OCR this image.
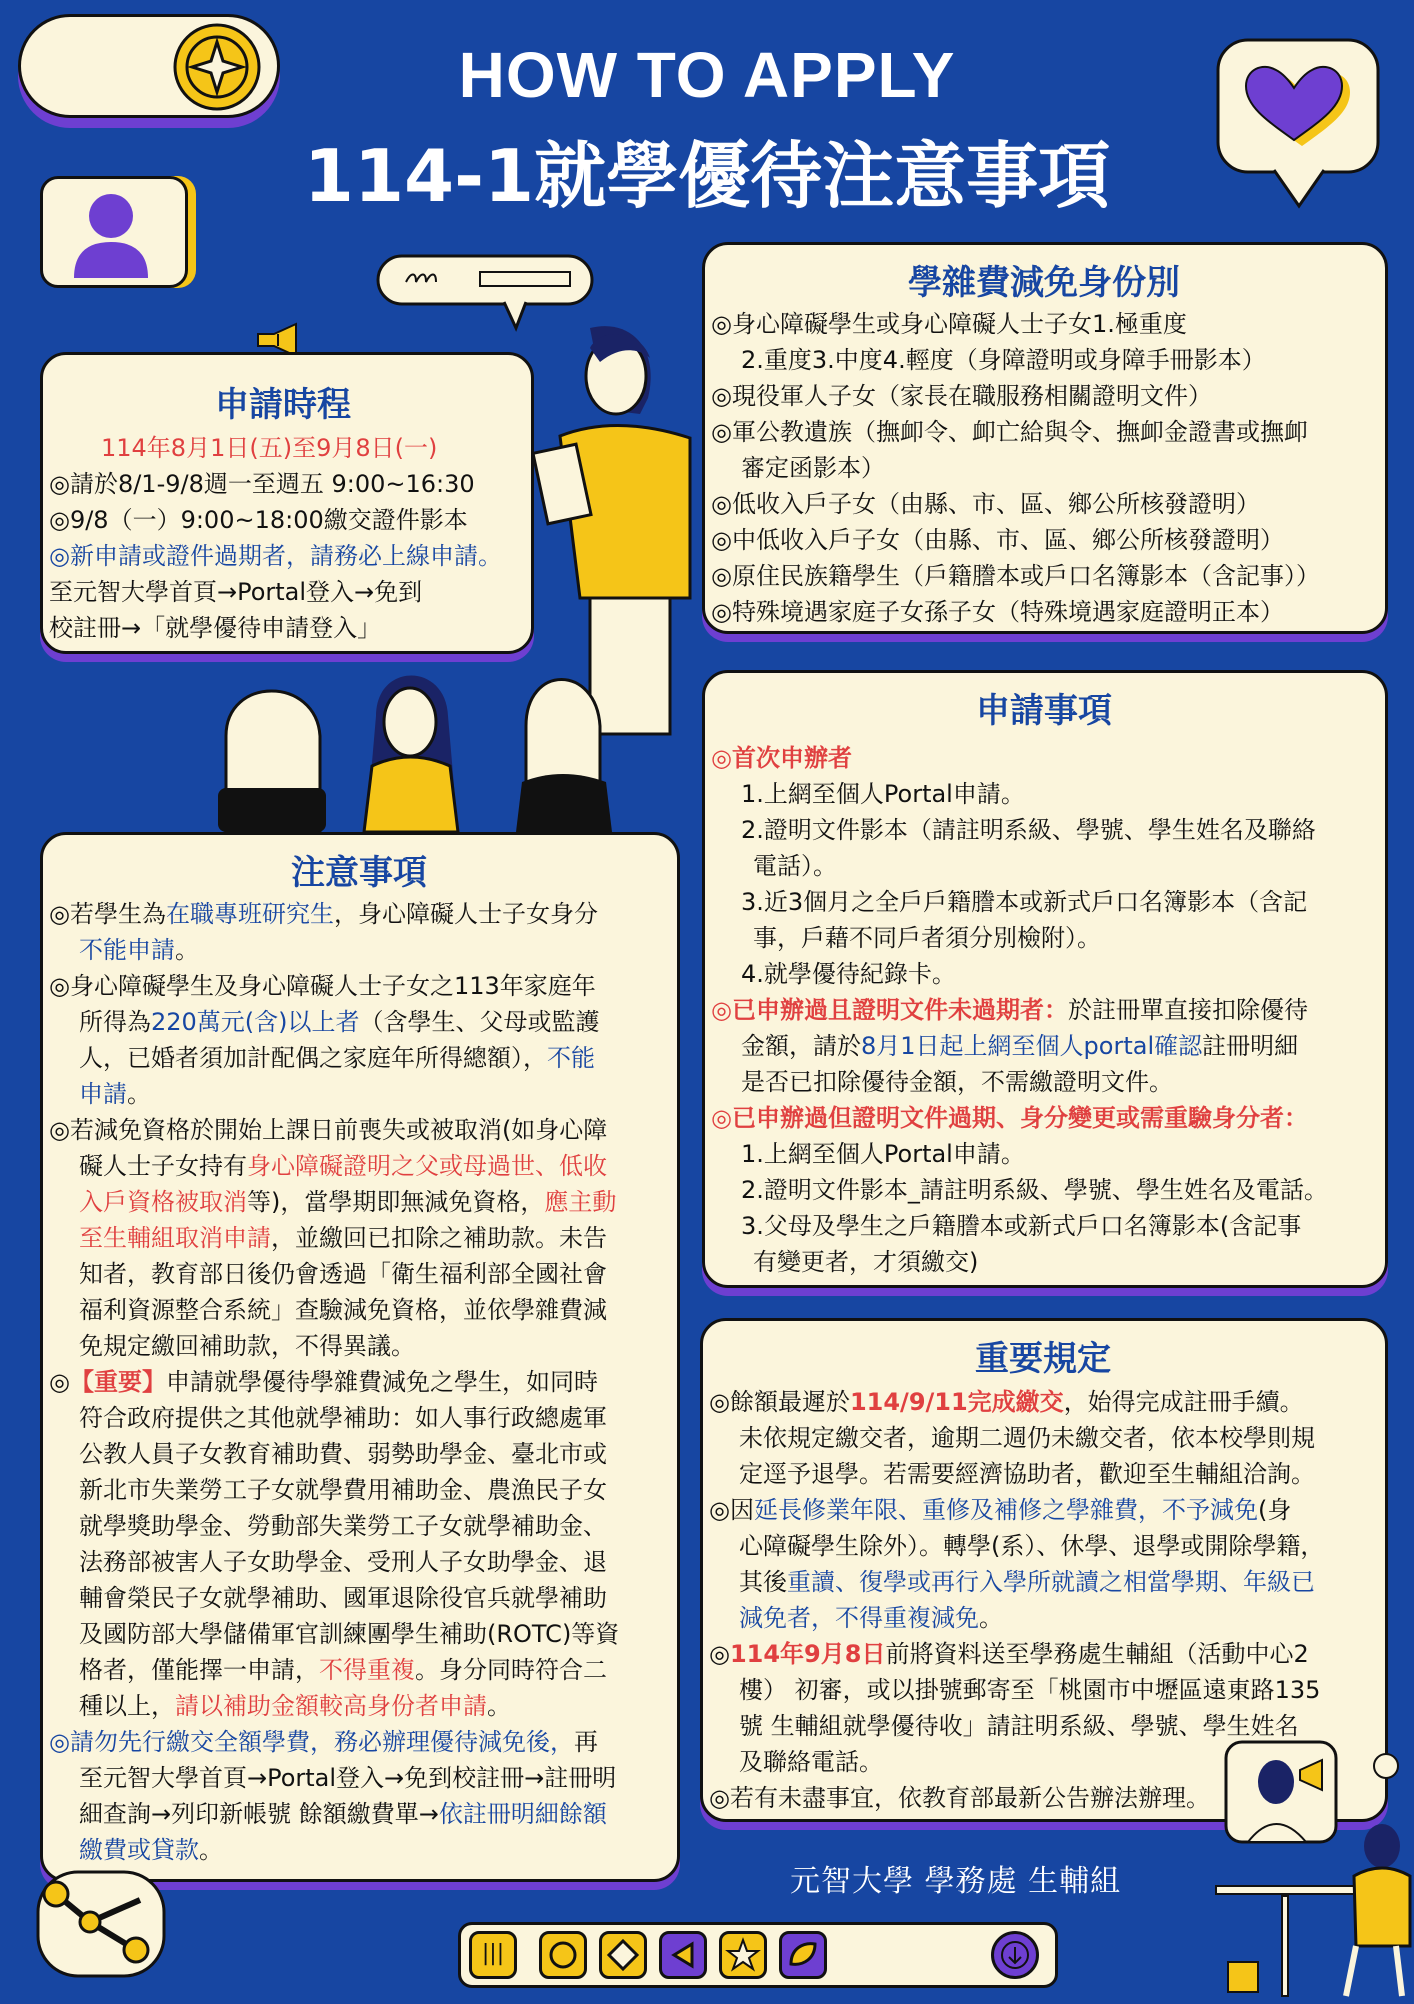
HOW TO APPLY
114-1就學優待注意事項
申請時程

114年8月1日(五)至9月8日(一)

◎請於8/1-9/8週一至週五 9:00~16:30

◎9/8（一）9:00~18:00繳交證件影本

◎新申請或證件過期者，請務必上線申請。至元智大學首頁→Portal登入→免到

校註冊→「就學優待申請登入」

學雜費減免身份別

◎身心障礙學生或身心障礙人士子女1.極重度

2.重度3.中度4.輕度（身障證明或身障手冊影本）

◎現役軍人子女（家長在職服務相關證明文件）

◎軍公教遺族（撫卹令、卹亡給與令、撫卹金證書或撫卹

審定函影本）

◎低收入戶子女（由縣、市、區、鄉公所核發證明）

◎中低收入戶子女（由縣、市、區、鄉公所核發證明）

◎原住民族籍學生（戶籍謄本或戶口名簿影本（含記事））

◎特殊境遇家庭子女孫子女（特殊境遇家庭證明正本）

申請事項

◎首次申辦者

1.上網至個人Portal申請。

2.證明文件影本（請註明系級、學號、學生姓名及聯絡

電話）。

3.近3個月之全戶戶籍謄本或新式戶口名簿影本（含記

事，戶藉不同戶者須分別檢附）。

4.就學優待紀錄卡。

◎已申辦過且證明文件未過期者：於註冊單直接扣除優待

金額，請於8月1日起上網至個人portal確認註冊明細

是否已扣除優待金額，不需繳證明文件。

◎已申辦過但證明文件過期、身分變更或需重驗身分者：

1.上網至個人Portal申請。

2.證明文件影本_請註明系級、學號、學生姓名及電話。

3.父母及學生之戶籍謄本或新式戶口名簿影本(含記事

有變更者，才須繳交)

注意事項

◎若學生為在職專班研究生，身心障礙人士子女身分

不能申請。

◎身心障礙學生及身心障礙人士子女之113年家庭年

所得為220萬元(含)以上者（含學生、父母或監護

人，已婚者須加計配偶之家庭年所得總額），不能

申請。

◎若減免資格於開始上課日前喪失或被取消(如身心障

礙人士子女持有身心障礙證明之父或母過世、低收

入戶資格被取消等)，當學期即無減免資格，應主動

至生輔組取消申請，並繳回已扣除之補助款。未告

知者，教育部日後仍會透過「衛生福利部全國社會

福利資源整合系統」查驗減免資格，並依學雜費減

免規定繳回補助款，不得異議。

◎【重要】申請就學優待學雜費減免之學生，如同時

符合政府提供之其他就學補助：如人事行政總處軍

公教人員子女教育補助費、弱勢助學金、臺北市或

新北市失業勞工子女就學費用補助金、農漁民子女

就學獎助學金、勞動部失業勞工子女就學補助金、

法務部被害人子女助學金、受刑人子女助學金、退

輔會榮民子女就學補助、國軍退除役官兵就學補助

及國防部大學儲備軍官訓練團學生補助(ROTC)等資

格者，僅能擇一申請，不得重複。身分同時符合二

種以上，請以補助金額較高身份者申請。

◎請勿先行繳交全額學費，務必辦理優待減免後，再

至元智大學首頁→Portal登入→免到校註冊→註冊明

細查詢→列印新帳號 餘額繳費單→依註冊明細餘額

繳費或貸款。

重要規定

◎餘額最遲於114/9/11完成繳交，始得完成註冊手續。

未依規定繳交者，逾期二週仍未繳交者，依本校學則規

定逕予退學。若需要經濟協助者，歡迎至生輔組洽詢。

◎因延長修業年限、重修及補修之學雜費，不予減免(身

心障礙學生除外）。轉學(系）、休學、退學或開除學籍，

其後重讀、復學或再行入學所就讀之相當學期、年級已

減免者，不得重複減免。

◎114年9月8日前將資料送至學務處生輔組（活動中心2

樓） 初審，或以掛號郵寄至「桃園市中壢區遠東路135

號 生輔組就學優待收」請註明系級、學號、學生姓名

及聯絡電話。

◎若有未盡事宜，依教育部最新公告辦法辦理。

元智大學 學務處 生輔組
|||
